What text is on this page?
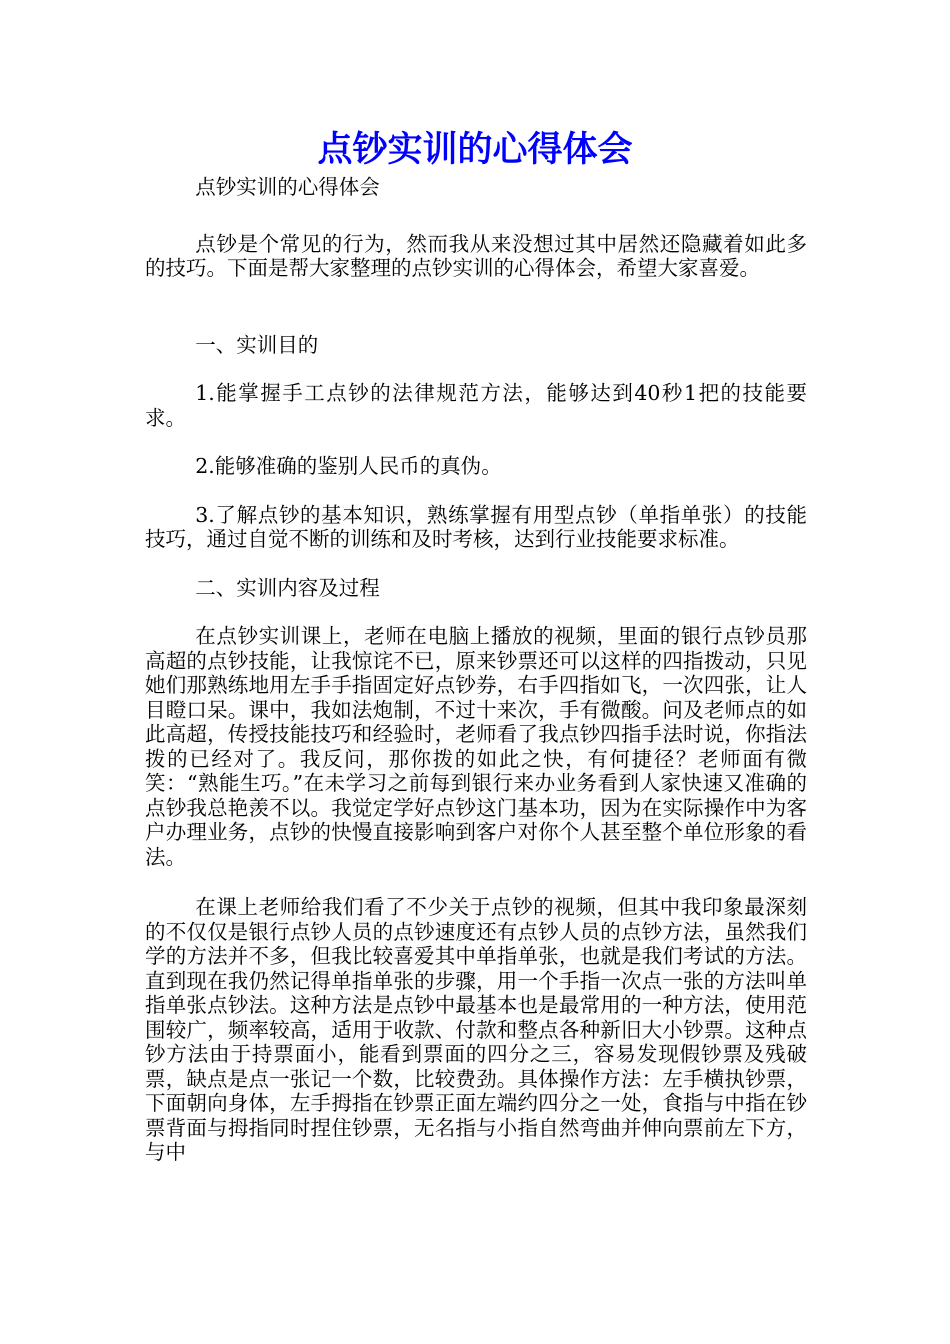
点钞实训的心得体会

点钞实训的心得体会

点钞是个常见的行为，然而我从来没想过其中居然还隐藏着如此多的技巧。下面是帮大家整理的点钞实训的心得体会，希望大家喜爱。

一、实训目的

1.能掌握手工点钞的法律规范方法，能够达到40秒1把的技能要求。

2.能够准确的鉴别人民币的真伪。

3.了解点钞的基本知识，熟练掌握有用型点钞（单指单张）的技能技巧，通过自觉不断的训练和及时考核，达到行业技能要求标准。

二、实训内容及过程

在点钞实训课上，老师在电脑上播放的视频，里面的银行点钞员那高超的点钞技能，让我惊诧不已，原来钞票还可以这样的四指拨动，只见她们那熟练地用左手手指固定好点钞券，右手四指如飞，一次四张，让人目瞪口呆。课中，我如法炮制，不过十来次，手有微酸。问及老师点的如此高超，传授技能技巧和经验时，老师看了我点钞四指手法时说，你指法拨的已经对了。我反问，那你拨的如此之快，有何捷径？老师面有微笑：“熟能生巧。”在未学习之前每到银行来办业务看到人家快速又准确的点钞我总艳羡不以。我觉定学好点钞这门基本功，因为在实际操作中为客户办理业务，点钞的快慢直接影响到客户对你个人甚至整个单位形象的看法。

在课上老师给我们看了不少关于点钞的视频，但其中我印象最深刻的不仅仅是银行点钞人员的点钞速度还有点钞人员的点钞方法，虽然我们学的方法并不多，但我比较喜爱其中单指单张，也就是我们考试的方法。直到现在我仍然记得单指单张的步骤，用一个手指一次点一张的方法叫单指单张点钞法。这种方法是点钞中最基本也是最常用的一种方法，使用范围较广，频率较高，适用于收款、付款和整点各种新旧大小钞票。这种点钞方法由于持票面小，能看到票面的四分之三，容易发现假钞票及残破票，缺点是点一张记一个数，比较费劲。具体操作方法：左手横执钞票，下面朝向身体，左手拇指在钞票正面左端约四分之一处，食指与中指在钞票背面与拇指同时捏住钞票，无名指与小指自然弯曲并伸向票前左下方，与中
